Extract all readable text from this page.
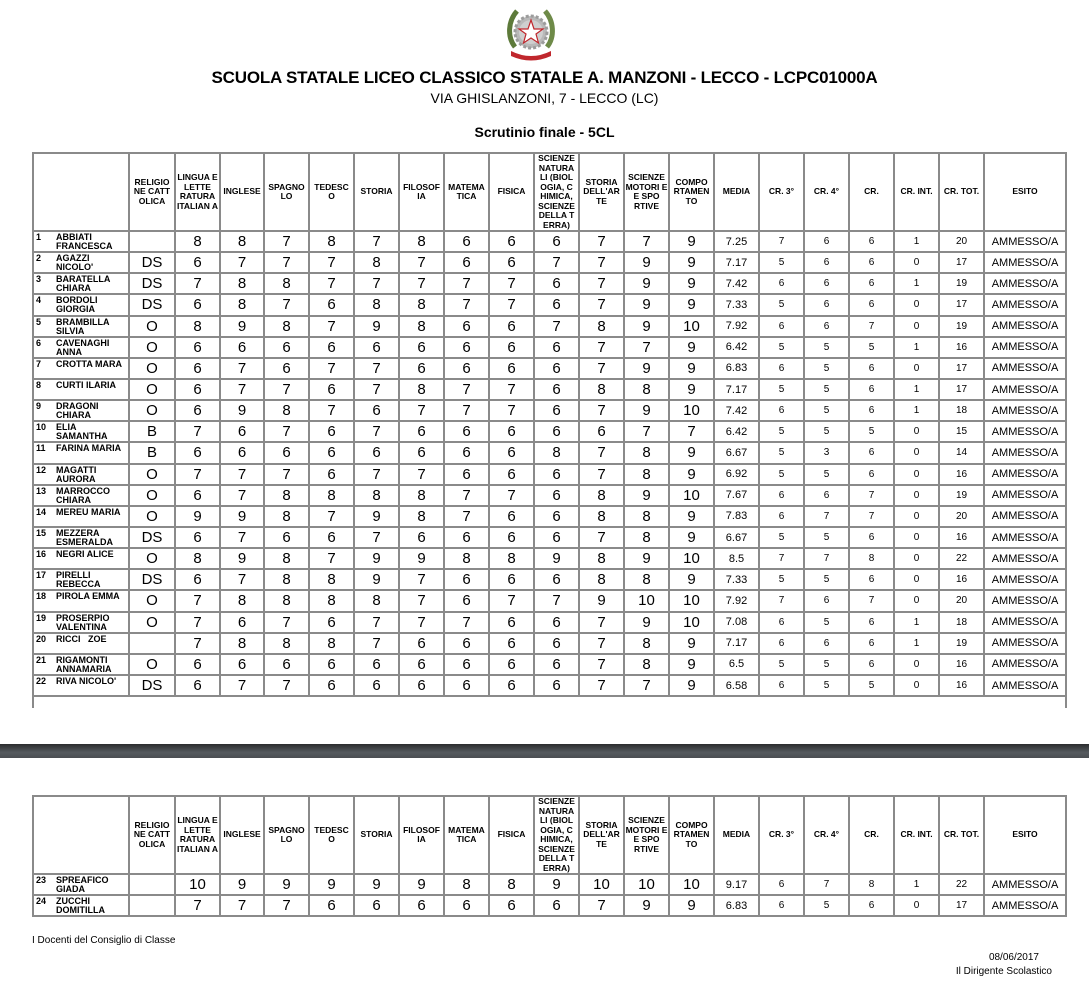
SCUOLA STATALE LICEO CLASSICO STATALE A. MANZONI - LECCO - LCPC01000A
VIA GHISLANZONI, 7 - LECCO (LC)
Scrutinio finale - 5CL
	RELIGIO NE CATT OLICA	LINGUA E LETTE RATURA ITALIAN A	INGLESE	SPAGNO LO	TEDESC O	STORIA	FILOSOF IA	MATEMA TICA	FISICA	SCIENZE NATURA LI (BIOL OGIA, C HIMICA, SCIENZE DELLA T ERRA)	STORIA DELL'AR TE	SCIENZE MOTORI E E SPO RTIVE	COMPO RTAMEN TO	MEDIA	CR. 3°	CR. 4°	CR.	CR. INT.	CR. TOT.	ESITO

1 ABBIATI FRANCESCA		8	8	7	8	7	8	6	6	6	7	7	9	7.25	7	6	6	1	20	AMMESSO/A

2 AGAZZI NICOLO'	DS	6	7	7	7	8	7	6	6	7	7	9	9	7.17	5	6	6	0	17	AMMESSO/A

3 BARATELLA CHIARA	DS	7	8	8	7	7	7	7	7	6	7	9	9	7.42	6	6	6	1	19	AMMESSO/A

4 BORDOLI GIORGIA	DS	6	8	7	6	8	8	7	7	6	7	9	9	7.33	5	6	6	0	17	AMMESSO/A

5 BRAMBILLA SILVIA	O	8	9	8	7	9	8	6	6	7	8	9	10	7.92	6	6	7	0	19	AMMESSO/A

6 CAVENAGHI ANNA	O	6	6	6	6	6	6	6	6	6	7	7	9	6.42	5	5	5	1	16	AMMESSO/A

7 CROTTA MARA	O	6	7	6	7	7	6	6	6	6	7	9	9	6.83	6	5	6	0	17	AMMESSO/A

8 CURTI ILARIA	O	6	7	7	6	7	8	7	7	6	8	8	9	7.17	5	5	6	1	17	AMMESSO/A

9 DRAGONI CHIARA	O	6	9	8	7	6	7	7	7	6	7	9	10	7.42	6	5	6	1	18	AMMESSO/A

10 ELIA SAMANTHA	B	7	6	7	6	7	6	6	6	6	6	7	7	6.42	5	5	5	0	15	AMMESSO/A

11 FARINA MARIA	B	6	6	6	6	6	6	6	6	8	7	8	9	6.67	5	3	6	0	14	AMMESSO/A

12 MAGATTI AURORA	O	7	7	7	6	7	7	6	6	6	7	8	9	6.92	5	5	6	0	16	AMMESSO/A

13 MARROCCO CHIARA	O	6	7	8	8	8	8	7	7	6	8	9	10	7.67	6	6	7	0	19	AMMESSO/A

14 MEREU MARIA	O	9	9	8	7	9	8	7	6	6	8	8	9	7.83	6	7	7	0	20	AMMESSO/A

15 MEZZERA ESMERALDA	DS	6	7	6	6	7	6	6	6	6	7	8	9	6.67	5	5	6	0	16	AMMESSO/A

16 NEGRI ALICE	O	8	9	8	7	9	9	8	8	9	8	9	10	8.5	7	7	8	0	22	AMMESSO/A

17 PIRELLI REBECCA	DS	6	7	8	8	9	7	6	6	6	8	8	9	7.33	5	5	6	0	16	AMMESSO/A

18 PIROLA EMMA	O	7	8	8	8	8	7	6	7	7	9	10	10	7.92	7	6	7	0	20	AMMESSO/A

19 PROSERPIO VALENTINA	O	7	6	7	6	7	7	7	6	6	7	9	10	7.08	6	5	6	1	18	AMMESSO/A

20 RICCI   ZOE		7	8	8	8	7	6	6	6	6	7	8	9	7.17	6	6	6	1	19	AMMESSO/A

21 RIGAMONTI ANNAMARIA	O	6	6	6	6	6	6	6	6	6	7	8	9	6.5	5	5	6	0	16	AMMESSO/A

22 RIVA NICOLO'	DS	6	7	7	6	6	6	6	6	6	7	7	9	6.58	6	5	5	0	16	AMMESSO/A

	RELIGIO NE CATT OLICA	LINGUA E LETTE RATURA ITALIAN A	INGLESE	SPAGNO LO	TEDESC O	STORIA	FILOSOF IA	MATEMA TICA	FISICA	SCIENZE NATURA LI (BIOL OGIA, C HIMICA, SCIENZE DELLA T ERRA)	STORIA DELL'AR TE	SCIENZE MOTORI E E SPO RTIVE	COMPO RTAMEN TO	MEDIA	CR. 3°	CR. 4°	CR.	CR. INT.	CR. TOT.	ESITO

23 SPREAFICO GIADA		10	9	9	9	9	9	8	8	9	10	10	10	9.17	6	7	8	1	22	AMMESSO/A

24 ZUCCHI DOMITILLA		7	7	7	6	6	6	6	6	6	7	9	9	6.83	6	5	6	0	17	AMMESSO/A
I Docenti del Consiglio di Classe
08/06/2017
Il Dirigente Scolastico
